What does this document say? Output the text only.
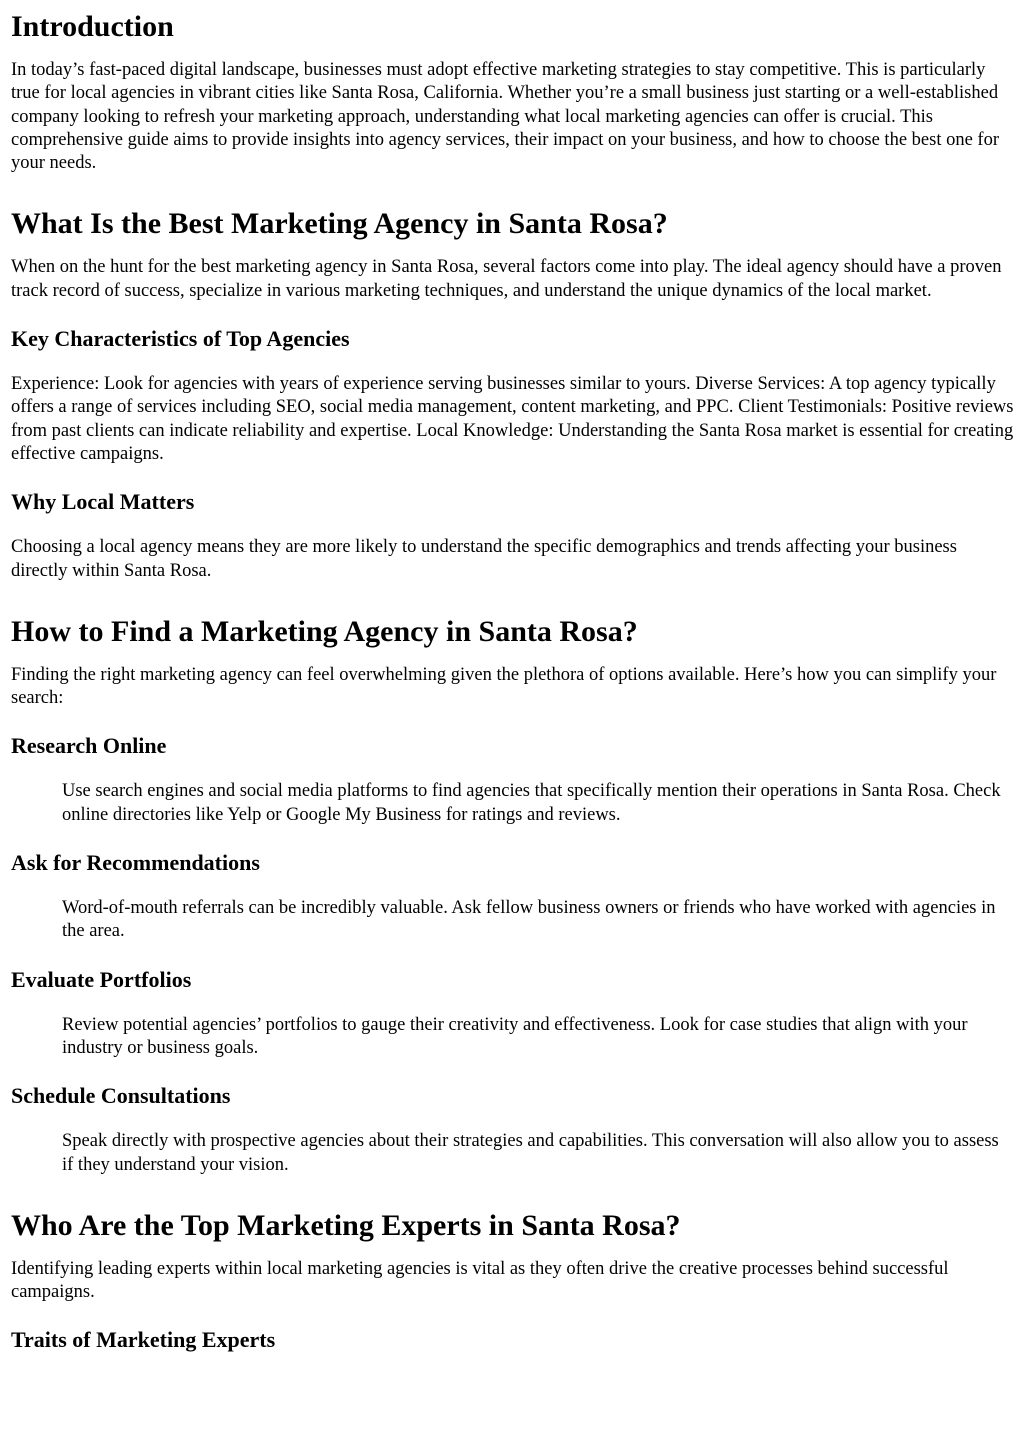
Introduction

In today’s fast-paced digital landscape, businesses must adopt effective marketing strategies to stay competitive. This is particularly true for local agencies in vibrant cities like Santa Rosa, California. Whether you’re a small business just starting or a well-established company looking to refresh your marketing approach, understanding what local marketing agencies can offer is crucial. This comprehensive guide aims to provide insights into agency services, their impact on your business, and how to choose the best one for your needs.

What Is the Best Marketing Agency in Santa Rosa?

When on the hunt for the best marketing agency in Santa Rosa, several factors come into play. The ideal agency should have a proven track record of success, specialize in various marketing techniques, and understand the unique dynamics of the local market.

Key Characteristics of Top Agencies

Experience: Look for agencies with years of experience serving businesses similar to yours. Diverse Services: A top agency typically offers a range of services including SEO, social media management, content marketing, and PPC. Client Testimonials: Positive reviews from past clients can indicate reliability and expertise. Local Knowledge: Understanding the Santa Rosa market is essential for creating effective campaigns.

Why Local Matters

Choosing a local agency means they are more likely to understand the specific demographics and trends affecting your business directly within Santa Rosa.

How to Find a Marketing Agency in Santa Rosa?

Finding the right marketing agency can feel overwhelming given the plethora of options available. Here’s how you can simplify your search:

Research Online
Use search engines and social media platforms to find agencies that specifically mention their operations in Santa Rosa. Check online directories like Yelp or Google My Business for ratings and reviews.
Ask for Recommendations
Word-of-mouth referrals can be incredibly valuable. Ask fellow business owners or friends who have worked with agencies in the area.
Evaluate Portfolios
Review potential agencies’ portfolios to gauge their creativity and effectiveness. Look for case studies that align with your industry or business goals.
Schedule Consultations
Speak directly with prospective agencies about their strategies and capabilities. This conversation will also allow you to assess if they understand your vision.
Who Are the Top Marketing Experts in Santa Rosa?

Identifying leading experts within local marketing agencies is vital as they often drive the creative processes behind successful campaigns.

Traits of Marketing Experts
